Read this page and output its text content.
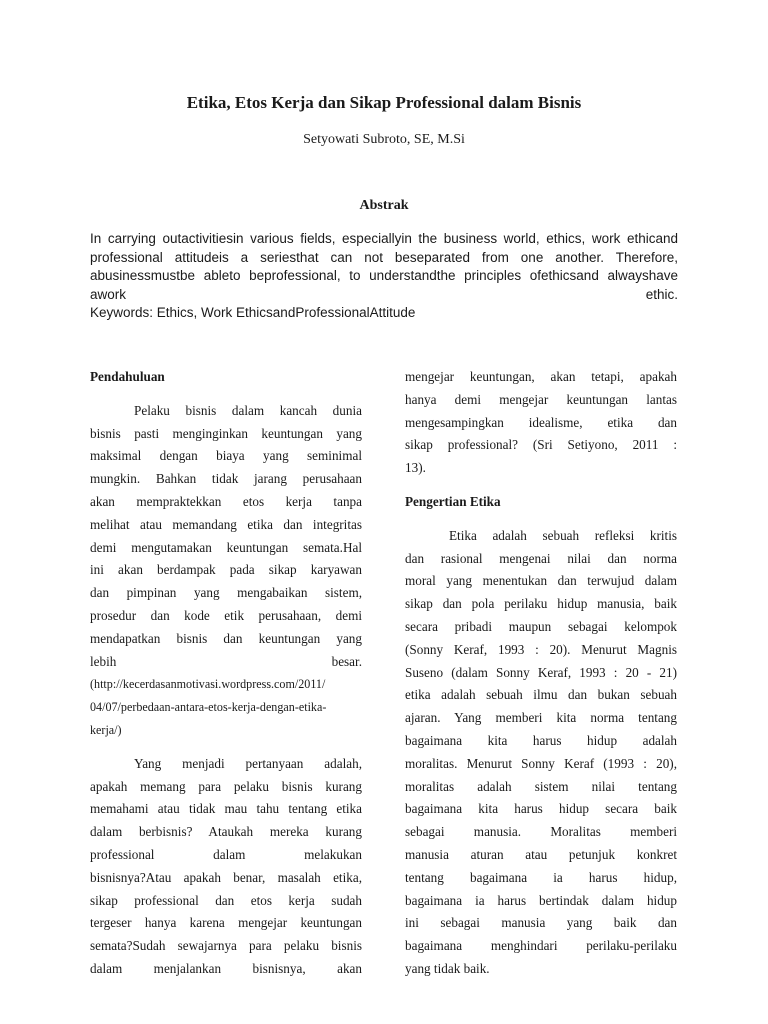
Etika, Etos Kerja dan Sikap Professional dalam Bisnis
Setyowati Subroto, SE, M.Si
Abstrak
In carrying outactivitiesin various fields, especiallyin the business world, ethics, work ethicand
professional attitudeis a seriesthat can not beseparated from one another. Therefore,
abusinessmustbe ableto beprofessional, to understandthe principles ofethicsand alwayshave
awork ethic.
Keywords: Ethics, Work EthicsandProfessionalAttitude
Pendahuluan
Pelaku bisnis dalam kancah dunia
bisnis pasti menginginkan keuntungan yang
maksimal dengan biaya yang seminimal
mungkin. Bahkan tidak jarang perusahaan
akan mempraktekkan etos kerja tanpa
melihat atau memandang etika dan integritas
demi mengutamakan keuntungan semata.Hal
ini akan berdampak pada sikap karyawan
dan pimpinan yang mengabaikan sistem,
prosedur dan kode etik perusahaan, demi
mendapatkan bisnis dan keuntungan yang
lebih besar.
(http://kecerdasanmotivasi.wordpress.com/2011/
04/07/perbedaan-antara-etos-kerja-dengan-etika-
kerja/)
Yang menjadi pertanyaan adalah,
apakah memang para pelaku bisnis kurang
memahami atau tidak mau tahu tentang etika
dalam berbisnis? Ataukah mereka kurang
professional dalam melakukan
bisnisnya?Atau apakah benar, masalah etika,
sikap professional dan etos kerja sudah
tergeser hanya karena mengejar keuntungan
semata?Sudah sewajarnya para pelaku bisnis
dalam menjalankan bisnisnya, akan
mengejar keuntungan, akan tetapi, apakah
hanya demi mengejar keuntungan lantas
mengesampingkan idealisme, etika dan
sikap professional? (Sri Setiyono, 2011 :
13).
Pengertian Etika
Etika adalah sebuah refleksi kritis
dan rasional mengenai nilai dan norma
moral yang menentukan dan terwujud dalam
sikap dan pola perilaku hidup manusia, baik
secara pribadi maupun sebagai kelompok
(Sonny Keraf, 1993 : 20). Menurut Magnis
Suseno (dalam Sonny Keraf, 1993 : 20 - 21)
etika adalah sebuah ilmu dan bukan sebuah
ajaran. Yang memberi kita norma tentang
bagaimana kita harus hidup adalah
moralitas. Menurut Sonny Keraf (1993 : 20),
moralitas adalah sistem nilai tentang
bagaimana kita harus hidup secara baik
sebagai manusia. Moralitas memberi
manusia aturan atau petunjuk konkret
tentang bagaimana ia harus hidup,
bagaimana ia harus bertindak dalam hidup
ini sebagai manusia yang baik dan
bagaimana menghindari perilaku-perilaku
yang tidak baik.
